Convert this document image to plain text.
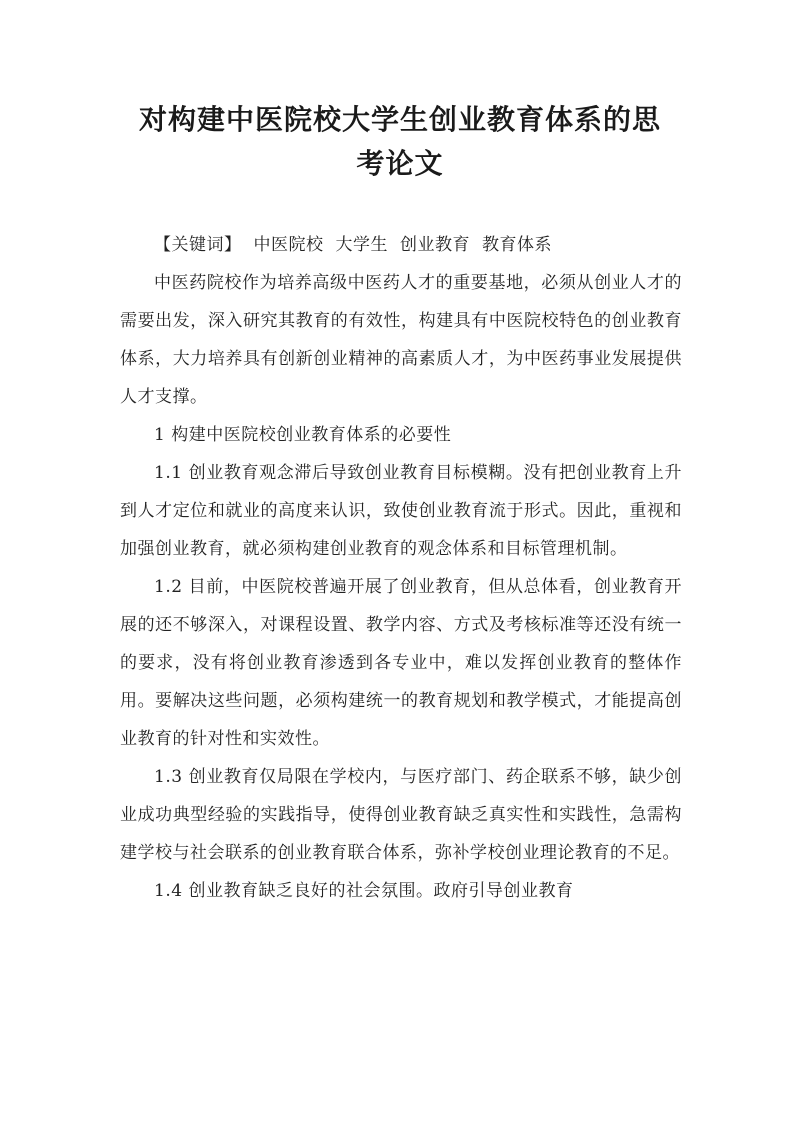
对构建中医院校大学生创业教育体系的思
考论文

【关键词】 中医院校 大学生 创业教育 教育体系

中医药院校作为培养高级中医药人才的重要基地，必须从创业人才的需要出发，深入研究其教育的有效性，构建具有中医院校特色的创业教育体系，大力培养具有创新创业精神的高素质人才，为中医药事业发展提供人才支撑。

1 构建中医院校创业教育体系的必要性

1.1 创业教育观念滞后导致创业教育目标模糊。没有把创业教育上升到人才定位和就业的高度来认识，致使创业教育流于形式。因此，重视和加强创业教育，就必须构建创业教育的观念体系和目标管理机制。

1.2 目前，中医院校普遍开展了创业教育，但从总体看，创业教育开展的还不够深入，对课程设置、教学内容、方式及考核标准等还没有统一的要求，没有将创业教育渗透到各专业中，难以发挥创业教育的整体作用。要解决这些问题，必须构建统一的教育规划和教学模式，才能提高创业教育的针对性和实效性。

1.3 创业教育仅局限在学校内，与医疗部门、药企联系不够，缺少创业成功典型经验的实践指导，使得创业教育缺乏真实性和实践性，急需构建学校与社会联系的创业教育联合体系，弥补学校创业理论教育的不足。

1.4 创业教育缺乏良好的社会氛围。政府引导创业教育
